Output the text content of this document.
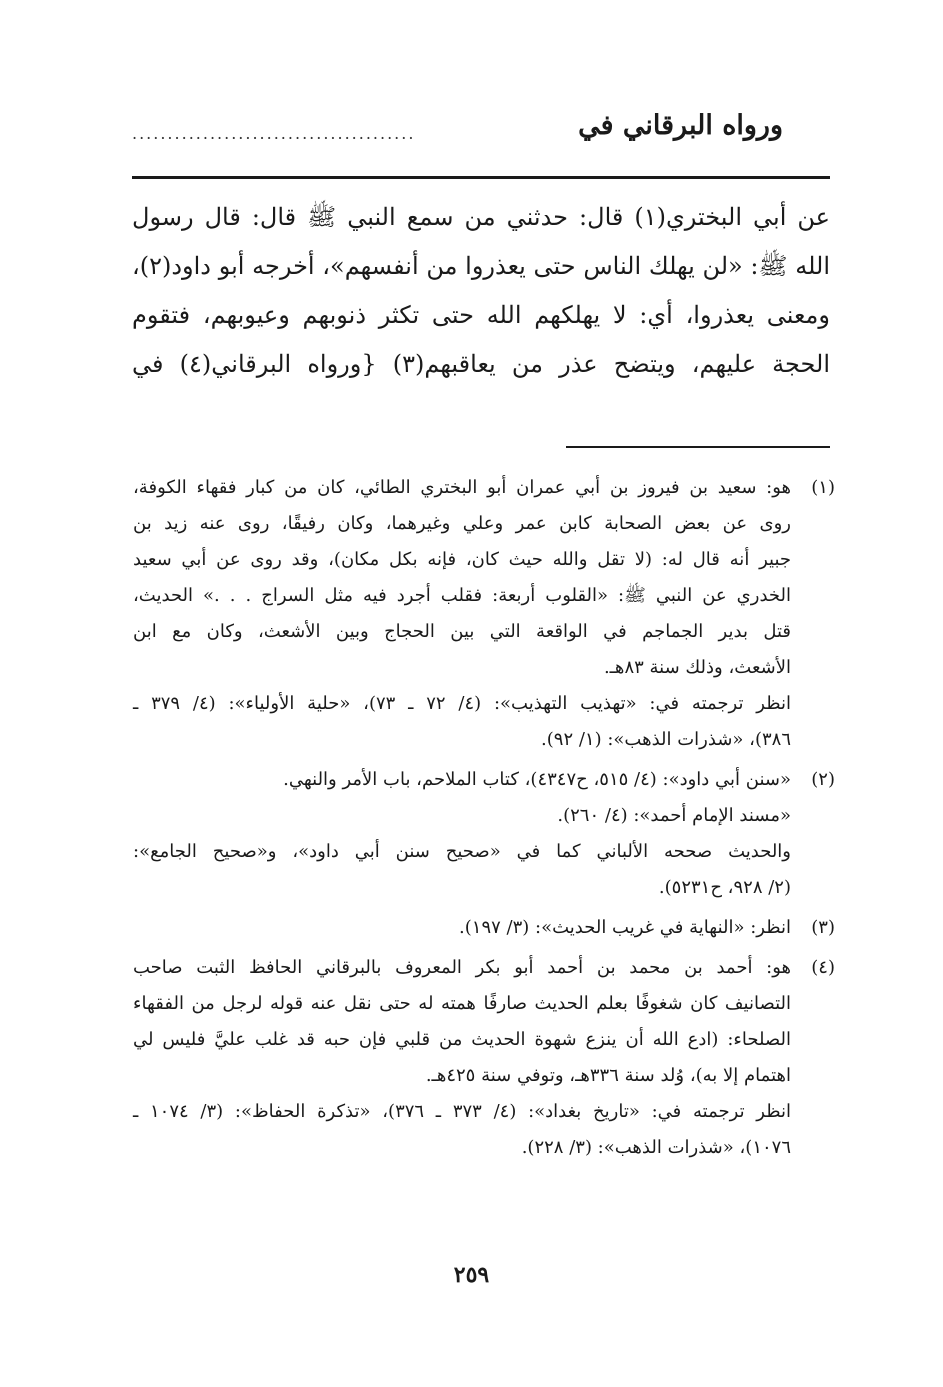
ورواه البرقاني في
........................................
عن أبي البختري(١) قال: حدثني من سمع النبي ﷺ قال: قال رسول
الله ﷺ: «لن يهلك الناس حتى يعذروا من أنفسهم»، أخرجه أبو داود(٢)،
ومعنى يعذروا، أي: لا يهلكهم الله حتى تكثر ذنوبهم وعيوبهم، فتقوم
الحجة عليهم، ويتضح عذر من يعاقبهم(٣) {ورواه البرقاني(٤) في
(١)
هو: سعيد بن فيروز بن أبي عمران أبو البختري الطائي، كان من كبار فقهاء الكوفة،
روى عن بعض الصحابة كابن عمر وعلي وغيرهما، وكان رفيقًا، روى عنه زيد بن
جبير أنه قال له: (لا تقل والله حيث كان، فإنه بكل مكان)، وقد روى عن أبي سعيد
الخدري عن النبي ﷺ: «القلوب أربعة: فقلب أجرد فيه مثل السراج . . .» الحديث،
قتل بدير الجماجم في الواقعة التي بين الحجاج وبين الأشعث، وكان مع ابن
الأشعث، وذلك سنة ٨٣هـ.
انظر ترجمته في: «تهذيب التهذيب»: (٤/ ٧٢ ـ ٧٣)، «حلية الأولياء»: (٤/ ٣٧٩ ـ
٣٨٦)، «شذرات الذهب»: (١/ ٩٢).
(٢)
«سنن أبي داود»: (٤/ ٥١٥، ح٤٣٤٧)، كتاب الملاحم، باب الأمر والنهي.
«مسند الإمام أحمد»: (٤/ ٢٦٠).
والحديث صححه الألباني كما في «صحيح سنن أبي داود»، و«صحيح الجامع»:
(٢/ ٩٢٨، ح٥٢٣١).
(٣)
انظر: «النهاية في غريب الحديث»: (٣/ ١٩٧).
(٤)
هو: أحمد بن محمد بن أحمد أبو بكر المعروف بالبرقاني الحافظ الثبت صاحب
التصانيف كان شغوفًا بعلم الحديث صارفًا همته له حتى نقل عنه قوله لرجل من الفقهاء
الصلحاء: (ادع الله أن ينزع شهوة الحديث من قلبي فإن حبه قد غلب عليَّ فليس لي
اهتمام إلا به)، وُلد سنة ٣٣٦هـ، وتوفي سنة ٤٢٥هـ.
انظر ترجمته في: «تاريخ بغداد»: (٤/ ٣٧٣ ـ ٣٧٦)، «تذكرة الحفاظ»: (٣/ ١٠٧٤ ـ
١٠٧٦)، «شذرات الذهب»: (٣/ ٢٢٨).
٢٥٩
